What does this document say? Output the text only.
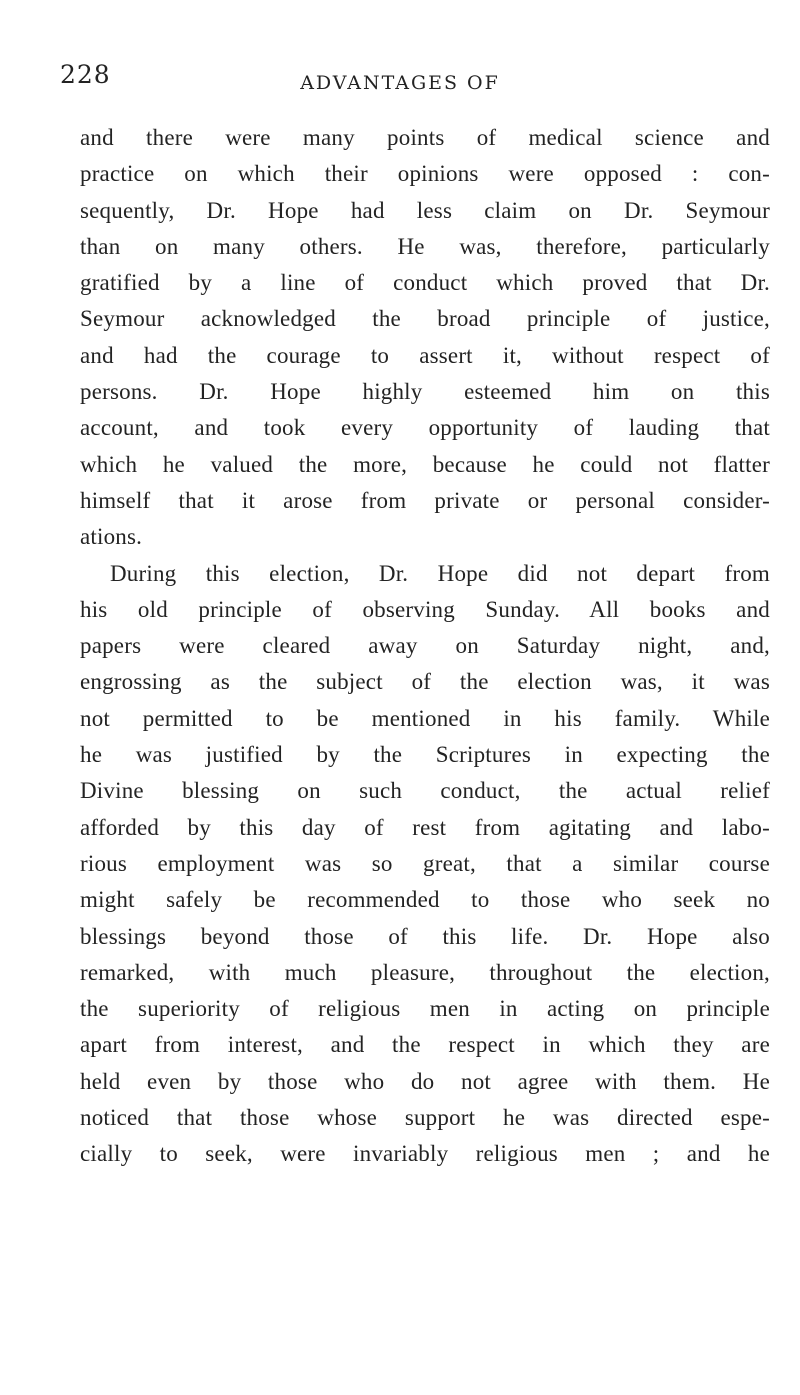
228	ADVANTAGES OF
and there were many points of medical science and
practice on which their opinions were opposed : con-
sequently, Dr. Hope had less claim on Dr. Seymour
than on many others. He was, therefore, particularly
gratified by a line of conduct which proved that Dr.
Seymour acknowledged the broad principle of justice,
and had the courage to assert it, without respect of
persons. Dr. Hope highly esteemed him on this
account, and took every opportunity of lauding that
which he valued the more, because he could not flatter
himself that it arose from private or personal consider-
ations.
During this election, Dr. Hope did not depart from
his old principle of observing Sunday. All books and
papers were cleared away on Saturday night, and,
engrossing as the subject of the election was, it was
not permitted to be mentioned in his family. While
he was justified by the Scriptures in expecting the
Divine blessing on such conduct, the actual relief
afforded by this day of rest from agitating and labo-
rious employment was so great, that a similar course
might safely be recommended to those who seek no
blessings beyond those of this life. Dr. Hope also
remarked, with much pleasure, throughout the election,
the superiority of religious men in acting on principle
apart from interest, and the respect in which they are
held even by those who do not agree with them. He
noticed that those whose support he was directed espe-
cially to seek, were invariably religious men ; and he
